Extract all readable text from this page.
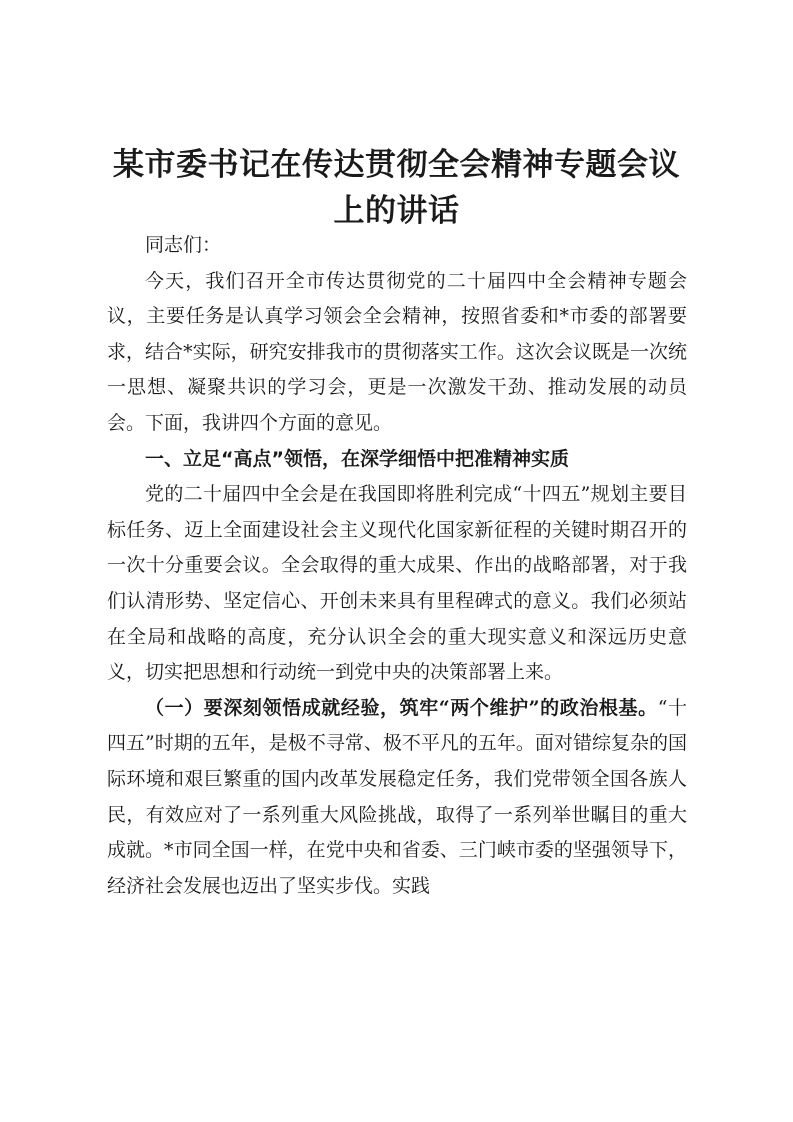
某市委书记在传达贯彻全会精神专题会议上的讲话

同志们：

今天，我们召开全市传达贯彻党的二十届四中全会精神专题会议，主要任务是认真学习领会全会精神，按照省委和*市委的部署要求，结合*实际，研究安排我市的贯彻落实工作。这次会议既是一次统一思想、凝聚共识的学习会，更是一次激发干劲、推动发展的动员会。下面，我讲四个方面的意见。

一、立足“高点”领悟，在深学细悟中把准精神实质

党的二十届四中全会是在我国即将胜利完成“十四五”规划主要目标任务、迈上全面建设社会主义现代化国家新征程的关键时期召开的一次十分重要会议。全会取得的重大成果、作出的战略部署，对于我们认清形势、坚定信心、开创未来具有里程碑式的意义。我们必须站在全局和战略的高度，充分认识全会的重大现实意义和深远历史意义，切实把思想和行动统一到党中央的决策部署上来。

（一）要深刻领悟成就经验，筑牢“两个维护”的政治根基。“十四五”时期的五年，是极不寻常、极不平凡的五年。面对错综复杂的国际环境和艰巨繁重的国内改革发展稳定任务，我们党带领全国各族人民，有效应对了一系列重大风险挑战，取得了一系列举世瞩目的重大成就。*市同全国一样，在党中央和省委、三门峡市委的坚强领导下，经济社会发展也迈出了坚实步伐。实践
